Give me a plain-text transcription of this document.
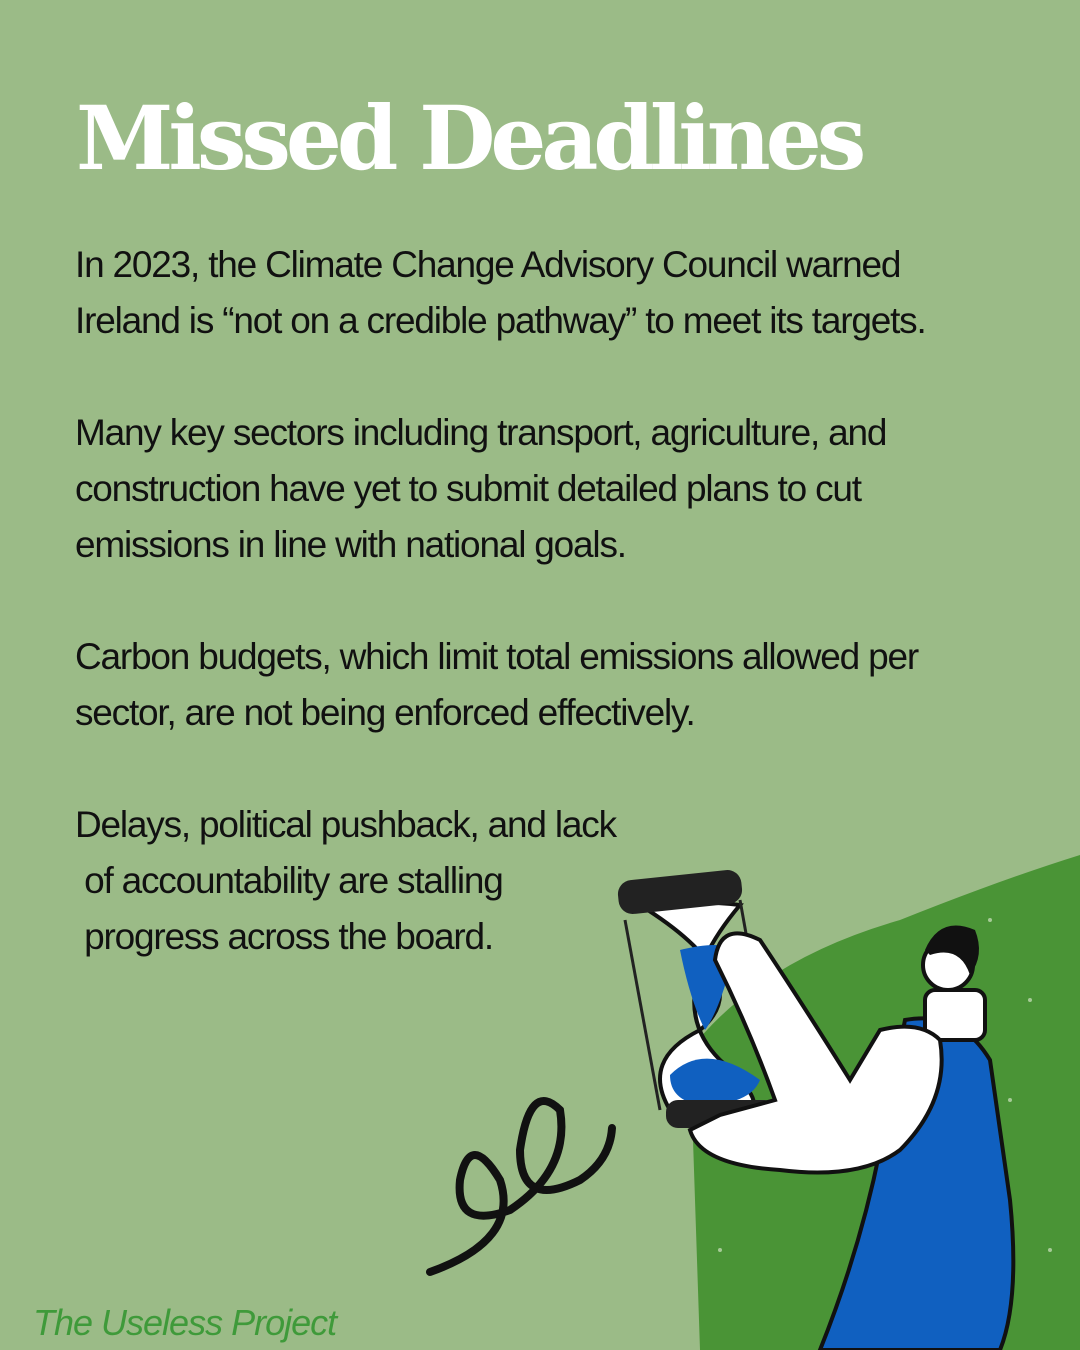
Missed Deadlines
In 2023, the Climate Change Advisory Council warned
Ireland is “not on a credible pathway” to meet its targets.
Many key sectors including transport, agriculture, and
construction have yet to submit detailed plans to cut
emissions in line with national goals.
Carbon budgets, which limit total emissions allowed per
sector, are not being enforced effectively.
Delays, political pushback, and lack
of accountability are stalling
progress across the board.
The Useless Project
